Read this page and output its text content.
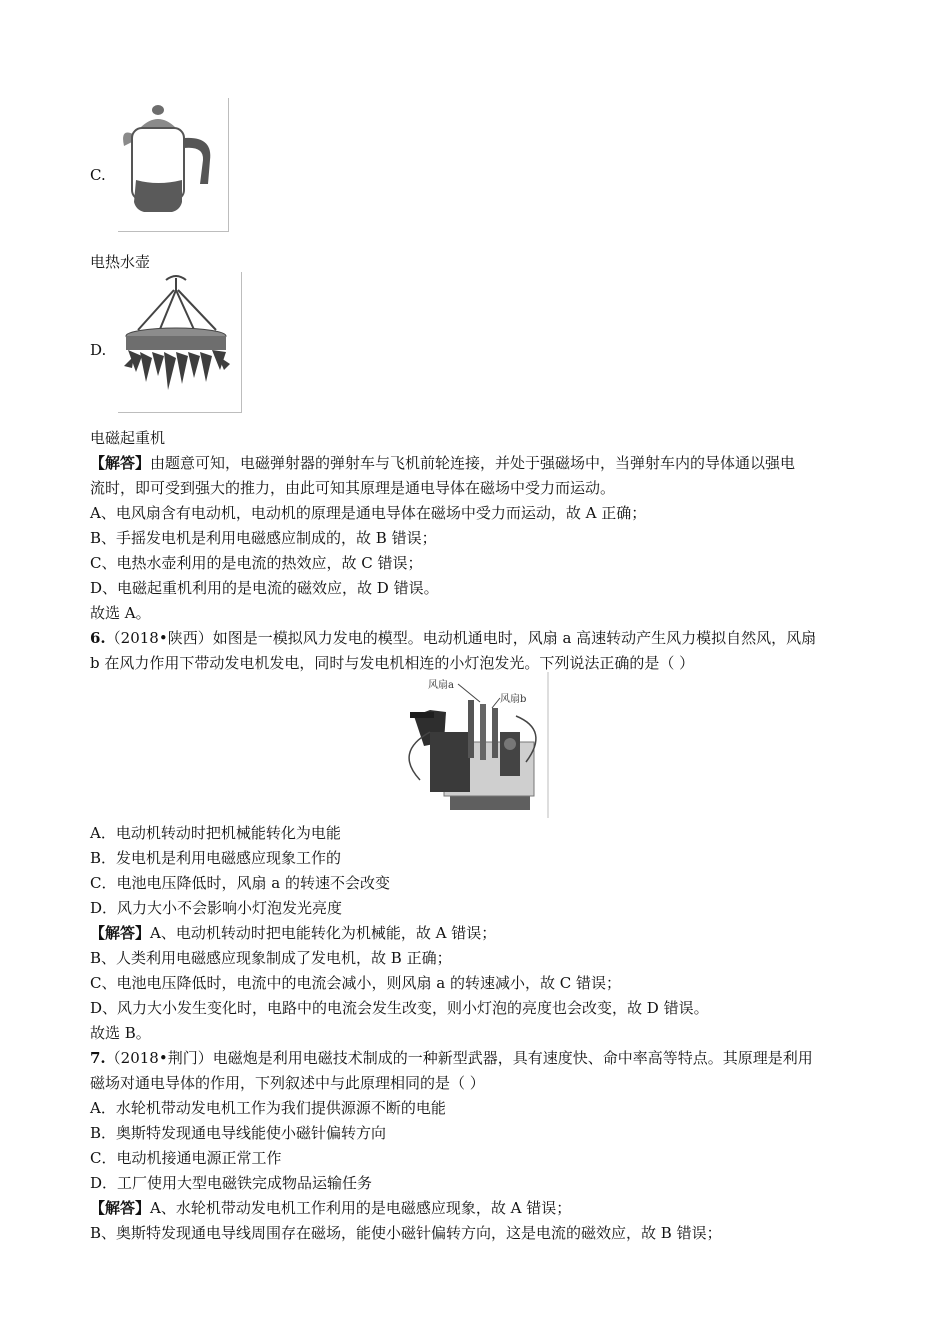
C.
电热水壶
D.
电磁起重机
【解答】由题意可知，电磁弹射器的弹射车与飞机前轮连接，并处于强磁场中，当弹射车内的导体通以强电
流时，即可受到强大的推力，由此可知其原理是通电导体在磁场中受力而运动。
A、电风扇含有电动机，电动机的原理是通电导体在磁场中受力而运动，故 A 正确；
B、手摇发电机是利用电磁感应制成的，故 B 错误；
C、电热水壶利用的是电流的热效应，故 C 错误；
D、电磁起重机利用的是电流的磁效应，故 D 错误。
故选 A。
6.（2018•陕西）如图是一模拟风力发电的模型。电动机通电时，风扇 a 高速转动产生风力模拟自然风，风扇
b 在风力作用下带动发电机发电，同时与发电机相连的小灯泡发光。下列说法正确的是（ ）
风扇a
风扇b
A．电动机转动时把机械能转化为电能
B．发电机是利用电磁感应现象工作的
C．电池电压降低时，风扇 a 的转速不会改变
D．风力大小不会影响小灯泡发光亮度
【解答】A、电动机转动时把电能转化为机械能，故 A 错误；
B、人类利用电磁感应现象制成了发电机，故 B 正确；
C、电池电压降低时，电流中的电流会减小，则风扇 a 的转速减小，故 C 错误；
D、风力大小发生变化时，电路中的电流会发生改变，则小灯泡的亮度也会改变，故 D 错误。
故选 B。
7.（2018•荆门）电磁炮是利用电磁技术制成的一种新型武器，具有速度快、命中率高等特点。其原理是利用
磁场对通电导体的作用，下列叙述中与此原理相同的是（ ）
A．水轮机带动发电机工作为我们提供源源不断的电能
B．奥斯特发现通电导线能使小磁针偏转方向
C．电动机接通电源正常工作
D．工厂使用大型电磁铁完成物品运输任务
【解答】A、水轮机带动发电机工作利用的是电磁感应现象，故 A 错误；
B、奥斯特发现通电导线周围存在磁场，能使小磁针偏转方向，这是电流的磁效应，故 B 错误；
